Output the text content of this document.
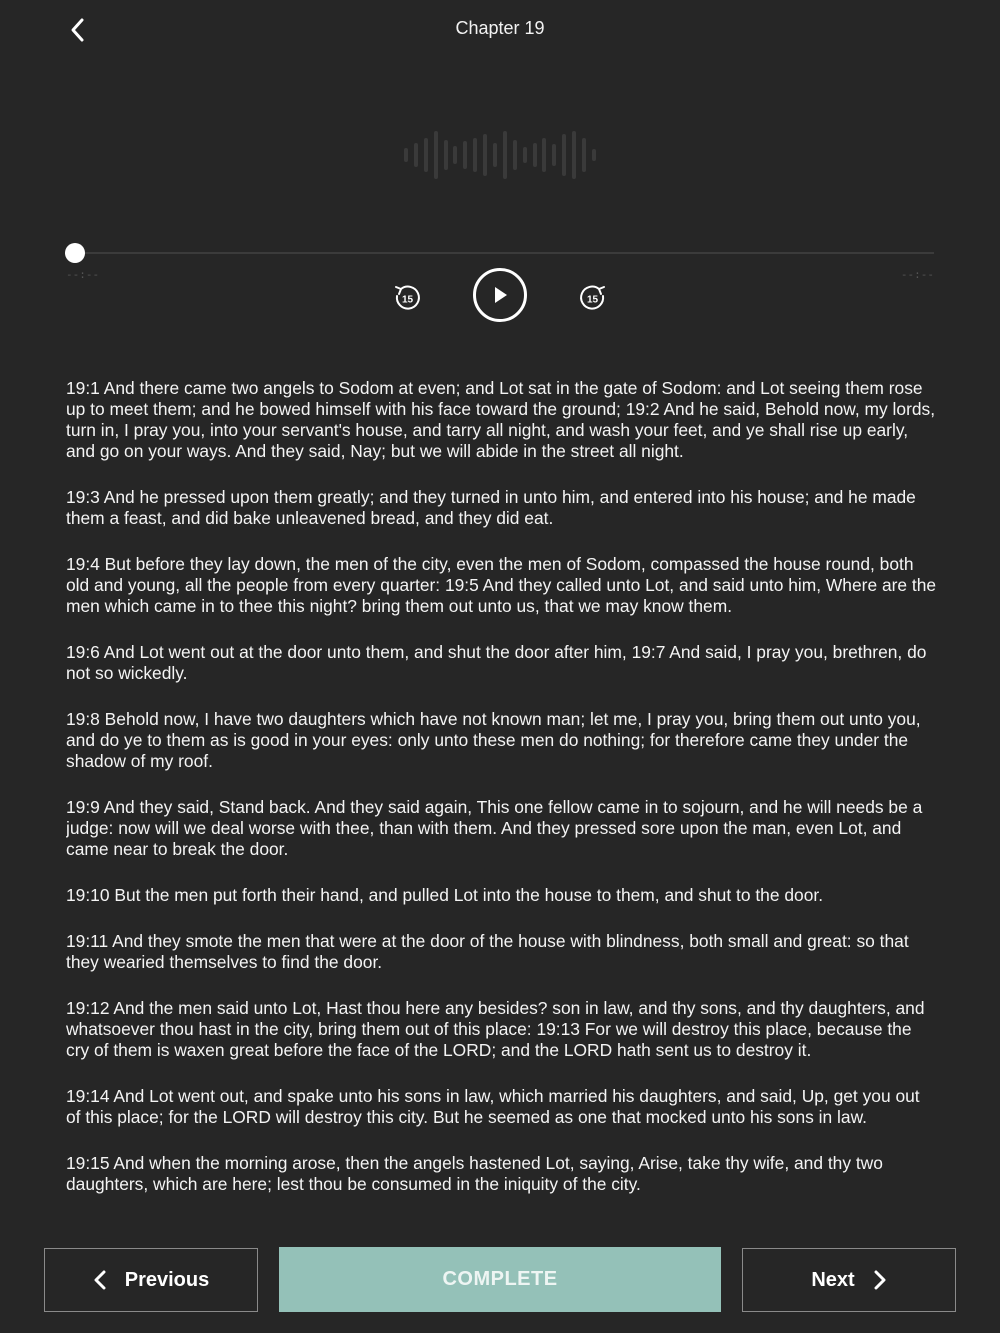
Chapter 19
--:--	--:--
15	15

19:1 And there came two angels to Sodom at even; and Lot sat in the gate of Sodom: and Lot seeing them rose up to meet them; and he bowed himself with his face toward the ground; 19:2 And he said, Behold now, my lords, turn in, I pray you, into your servant's house, and tarry all night, and wash your feet, and ye shall rise up early, and go on your ways. And they said, Nay; but we will abide in the street all night.

19:3 And he pressed upon them greatly; and they turned in unto him, and entered into his house; and he made them a feast, and did bake unleavened bread, and they did eat.

19:4 But before they lay down, the men of the city, even the men of Sodom, compassed the house round, both old and young, all the people from every quarter: 19:5 And they called unto Lot, and said unto him, Where are the men which came in to thee this night? bring them out unto us, that we may know them.

19:6 And Lot went out at the door unto them, and shut the door after him, 19:7 And said, I pray you, brethren, do not so wickedly.

19:8 Behold now, I have two daughters which have not known man; let me, I pray you, bring them out unto you, and do ye to them as is good in your eyes: only unto these men do nothing; for therefore came they under the shadow of my roof.

19:9 And they said, Stand back. And they said again, This one fellow came in to sojourn, and he will needs be a judge: now will we deal worse with thee, than with them. And they pressed sore upon the man, even Lot, and came near to break the door.

19:10 But the men put forth their hand, and pulled Lot into the house to them, and shut to the door.

19:11 And they smote the men that were at the door of the house with blindness, both small and great: so that they wearied themselves to find the door.

19:12 And the men said unto Lot, Hast thou here any besides? son in law, and thy sons, and thy daughters, and whatsoever thou hast in the city, bring them out of this place: 19:13 For we will destroy this place, because the cry of them is waxen great before the face of the LORD; and the LORD hath sent us to destroy it.

19:14 And Lot went out, and spake unto his sons in law, which married his daughters, and said, Up, get you out of this place; for the LORD will destroy this city. But he seemed as one that mocked unto his sons in law.

19:15 And when the morning arose, then the angels hastened Lot, saying, Arise, take thy wife, and thy two daughters, which are here; lest thou be consumed in the iniquity of the city.

Previous	COMPLETE	Next
